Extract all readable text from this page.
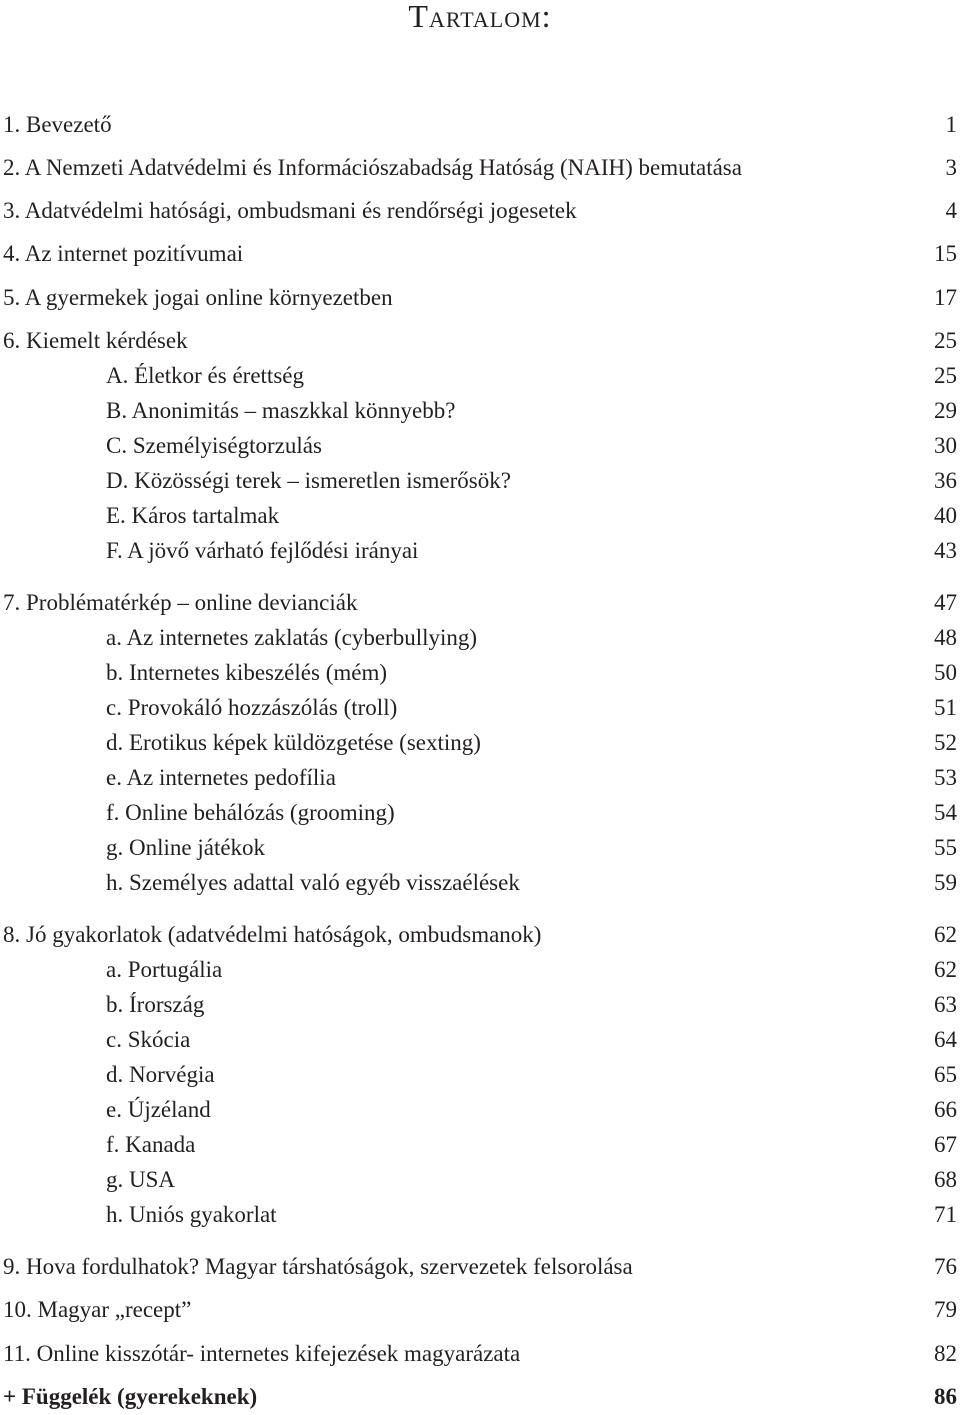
Tartalom:
1. Bevezető	1
2. A Nemzeti Adatvédelmi és Információszabadság Hatóság (NAIH) bemutatása	3
3. Adatvédelmi hatósági, ombudsmani és rendőrségi jogesetek	4
4. Az internet pozitívumai	15
5. A gyermekek jogai online környezetben	17
6. Kiemelt kérdések	25
A. Életkor és érettség	25
B. Anonimitás – maszkkal könnyebb?	29
C. Személyiségtorzulás	30
D. Közösségi terek – ismeretlen ismerősök?	36
E. Káros tartalmak	40
F. A jövő várható fejlődési irányai	43
7. Problématérkép – online devianciák	47
a. Az internetes zaklatás (cyberbullying)	48
b. Internetes kibeszélés (mém)	50
c. Provokáló hozzászólás (troll)	51
d. Erotikus képek küldözgetése (sexting)	52
e. Az internetes pedofília	53
f. Online behálózás (grooming)	54
g. Online játékok	55
h. Személyes adattal való egyéb visszaélések	59
8. Jó gyakorlatok (adatvédelmi hatóságok, ombudsmanok)	62
a. Portugália	62
b. Írország	63
c. Skócia	64
d. Norvégia	65
e. Újzéland	66
f. Kanada	67
g. USA	68
h. Uniós gyakorlat	71
9. Hova fordulhatok? Magyar társhatóságok, szervezetek felsorolása	76
10. Magyar „recept”	79
11. Online kisszótár- internetes kifejezések magyarázata	82
+ Függelék (gyerekeknek)	86
